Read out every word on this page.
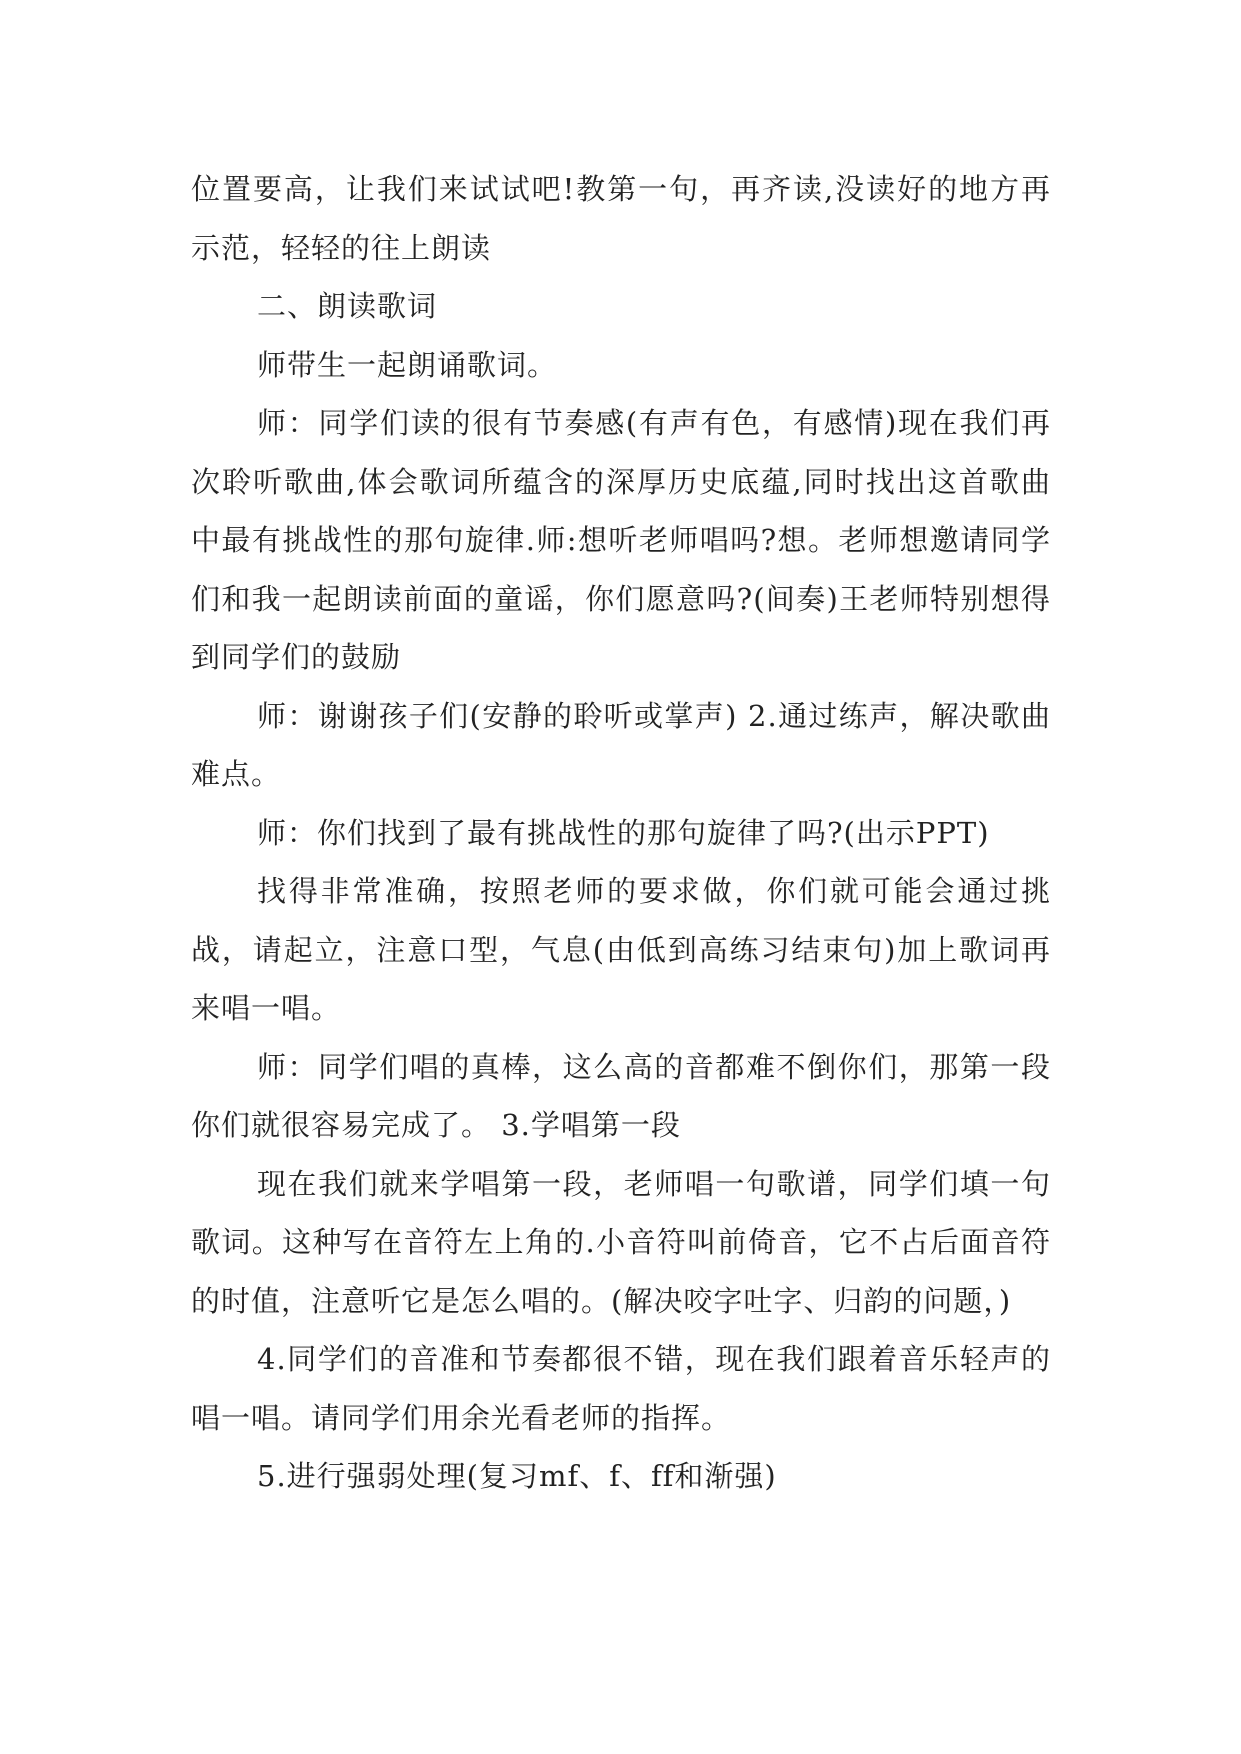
位置要高，让我们来试试吧!教第一句，再齐读,没读好的地方再示范，轻轻的往上朗读

二、朗读歌词

师带生一起朗诵歌词。

师：同学们读的很有节奏感(有声有色，有感情)现在我们再次聆听歌曲,体会歌词所蕴含的深厚历史底蕴,同时找出这首歌曲中最有挑战性的那句旋律.师:想听老师唱吗?想。老师想邀请同学们和我一起朗读前面的童谣，你们愿意吗?(间奏)王老师特别想得到同学们的鼓励

师：谢谢孩子们(安静的聆听或掌声) 2.通过练声，解决歌曲难点。

师：你们找到了最有挑战性的那句旋律了吗?(出示PPT)

找得非常准确，按照老师的要求做，你们就可能会通过挑战，请起立，注意口型，气息(由低到高练习结束句)加上歌词再来唱一唱。

师：同学们唱的真棒，这么高的音都难不倒你们，那第一段你们就很容易完成了。 3.学唱第一段

现在我们就来学唱第一段，老师唱一句歌谱，同学们填一句歌词。这种写在音符左上角的.小音符叫前倚音，它不占后面音符的时值，注意听它是怎么唱的。(解决咬字吐字、归韵的问题，)

4.同学们的音准和节奏都很不错，现在我们跟着音乐轻声的唱一唱。请同学们用余光看老师的指挥。

5.进行强弱处理(复习mf、f、ff和渐强)
